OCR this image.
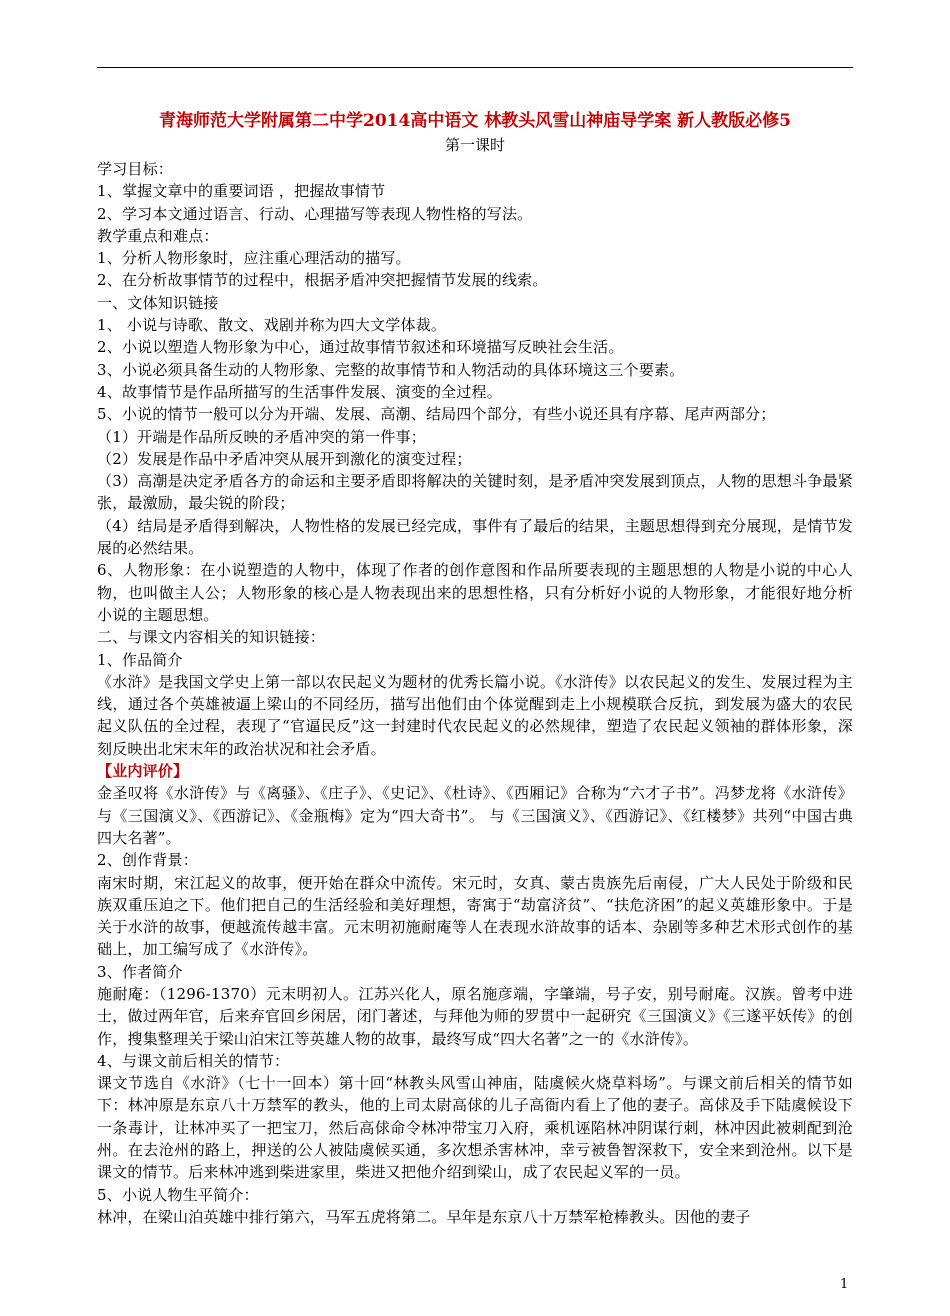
青海师范大学附属第二中学2014高中语文 林教头风雪山神庙导学案 新人教版必修5
第一课时

学习目标：

1、掌握文章中的重要词语 ，把握故事情节

2、学习本文通过语言、行动、心理描写等表现人物性格的写法。

教学重点和难点：

1、分析人物形象时，应注重心理活动的描写。

2、在分析故事情节的过程中，根据矛盾冲突把握情节发展的线索。

一、文体知识链接

1、 小说与诗歌、散文、戏剧并称为四大文学体裁。

2、小说以塑造人物形象为中心，通过故事情节叙述和环境描写反映社会生活。

3、小说必须具备生动的人物形象、完整的故事情节和人物活动的具体环境这三个要素。

4、故事情节是作品所描写的生活事件发展、演变的全过程。

5、小说的情节一般可以分为开端、发展、高潮、结局四个部分，有些小说还具有序幕、尾声两部分；

（1）开端是作品所反映的矛盾冲突的第一件事；

（2）发展是作品中矛盾冲突从展开到激化的演变过程；

（3）高潮是决定矛盾各方的命运和主要矛盾即将解决的关键时刻，是矛盾冲突发展到顶点，人物的思想斗争最紧张，最激励，最尖锐的阶段；

（4）结局是矛盾得到解决，人物性格的发展已经完成，事件有了最后的结果，主题思想得到充分展现，是情节发展的必然结果。

6、人物形象：在小说塑造的人物中，体现了作者的创作意图和作品所要表现的主题思想的人物是小说的中心人物，也叫做主人公；人物形象的核心是人物表现出来的思想性格，只有分析好小说的人物形象，才能很好地分析小说的主题思想。

二、与课文内容相关的知识链接：

1、作品简介

《水浒》是我国文学史上第一部以农民起义为题材的优秀长篇小说。《水浒传》以农民起义的发生、发展过程为主线，通过各个英雄被逼上梁山的不同经历，描写出他们由个体觉醒到走上小规模联合反抗，到发展为盛大的农民起义队伍的全过程，表现了“官逼民反”这一封建时代农民起义的必然规律，塑造了农民起义领袖的群体形象，深刻反映出北宋末年的政治状况和社会矛盾。

【业内评价】

金圣叹将《水浒传》与《离骚》、《庄子》、《史记》、《杜诗》、《西厢记》合称为“六才子书”。冯梦龙将《水浒传》与《三国演义》、《西游记》、《金瓶梅》定为“四大奇书”。 与《三国演义》、《西游记》、《红楼梦》共列“中国古典四大名著”。

2、创作背景：

南宋时期，宋江起义的故事，便开始在群众中流传。宋元时，女真、蒙古贵族先后南侵，广大人民处于阶级和民族双重压迫之下。他们把自己的生活经验和美好理想，寄寓于“劫富济贫”、“扶危济困”的起义英雄形象中。于是关于水浒的故事，便越流传越丰富。元末明初施耐庵等人在表现水浒故事的话本、杂剧等多种艺术形式创作的基础上，加工编写成了《水浒传》。

3、作者简介

施耐庵：（1296-1370）元末明初人。江苏兴化人，原名施彦端，字肇端，号子安，别号耐庵。汉族。曾考中进士，做过两年官，后来弃官回乡闲居，闭门著述，与拜他为师的罗贯中一起研究《三国演义》《三遂平妖传》的创作，搜集整理关于梁山泊宋江等英雄人物的故事，最终写成“四大名著”之一的《水浒传》。

4、与课文前后相关的情节：

课文节选自《水浒》（七十一回本）第十回“林教头风雪山神庙，陆虞候火烧草料场”。与课文前后相关的情节如下：林冲原是东京八十万禁军的教头，他的上司太尉高俅的儿子高衙内看上了他的妻子。高俅及手下陆虞候设下一条毒计，让林冲买了一把宝刀，然后高俅命令林冲带宝刀入府，乘机诬陷林冲阴谋行刺，林冲因此被刺配到沧州。在去沧州的路上，押送的公人被陆虞候买通，多次想杀害林冲，幸亏被鲁智深救下，安全来到沧州。以下是课文的情节。后来林冲逃到柴进家里，柴进又把他介绍到梁山，成了农民起义军的一员。

5、小说人物生平简介：

林冲，在梁山泊英雄中排行第六，马军五虎将第二。早年是东京八十万禁军枪棒教头。因他的妻子

1
